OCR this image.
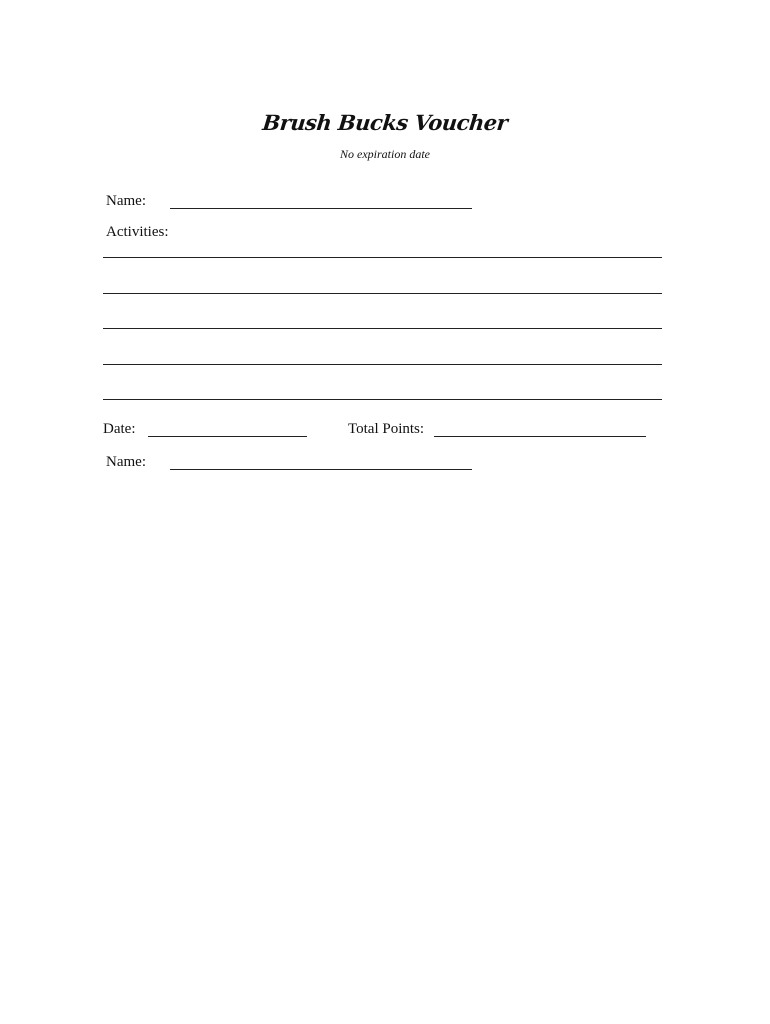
Brush Bucks Voucher
No expiration date
Name:
Activities:
Date:	Total Points:
Name:
